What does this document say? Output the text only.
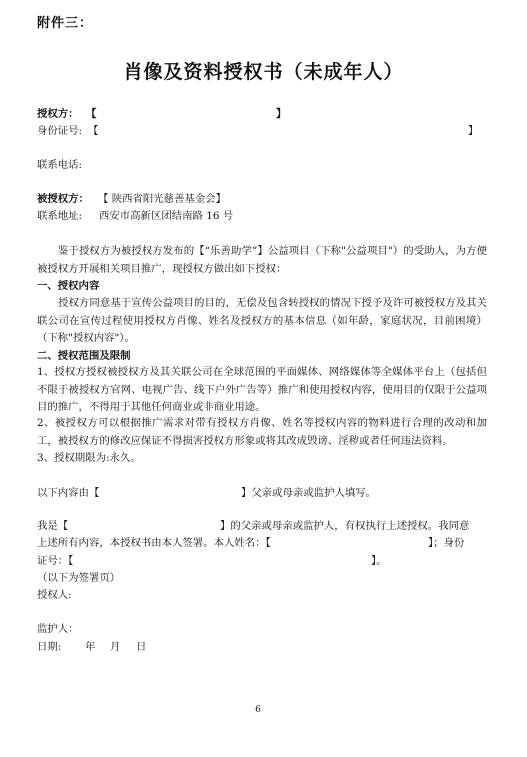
附件三：
肖像及资料授权书（未成年人）
授权方： 【	】
身份证号: 【	】
联系电话:
被授权方： 【 陕西省阳光慈善基金会】
联系地址: 西安市高新区团结南路 16 号
鉴于授权方为被授权方发布的【“乐善助学”】公益项目（下称"公益项目"）的受助人，为方便被授权方开展相关项目推广，现授权方做出如下授权：
一、授权内容
授权方同意基于宣传公益项目的目的，无偿及包含转授权的情况下授予及许可被授权方及其关联公司在宣传过程使用授权方肖像、姓名及授权方的基本信息（如年龄，家庭状况，目前困境）（下称"授权内容"）。
二、授权范围及限制
1、授权方授权被授权方及其关联公司在全球范围的平面媒体、网络媒体等全媒体平台上（包括但不限于被授权方官网、电视广告、线下户外广告等）推广和使用授权内容，使用目的仅限于公益项目的推广，不得用于其他任何商业或非商业用途。
2、被授权方可以根据推广需求对带有授权方肖像、姓名等授权内容的物料进行合理的改动和加工，被授权方的修改应保证不得损害授权方形象或将其改成毁谤、淫秽或者任何违法资料。
3、授权期限为:永久。
以下内容由【	】父亲或母亲或监护人填写。
我是【	】的父亲或母亲或监护人，有权执行上述授权。我同意
上述所有内容，本授权书由本人签署。本人姓名：【	】；身份
证号：【	】。
（以下为签署页）
授权人:
监护人：
日期: 年 月 日
6
